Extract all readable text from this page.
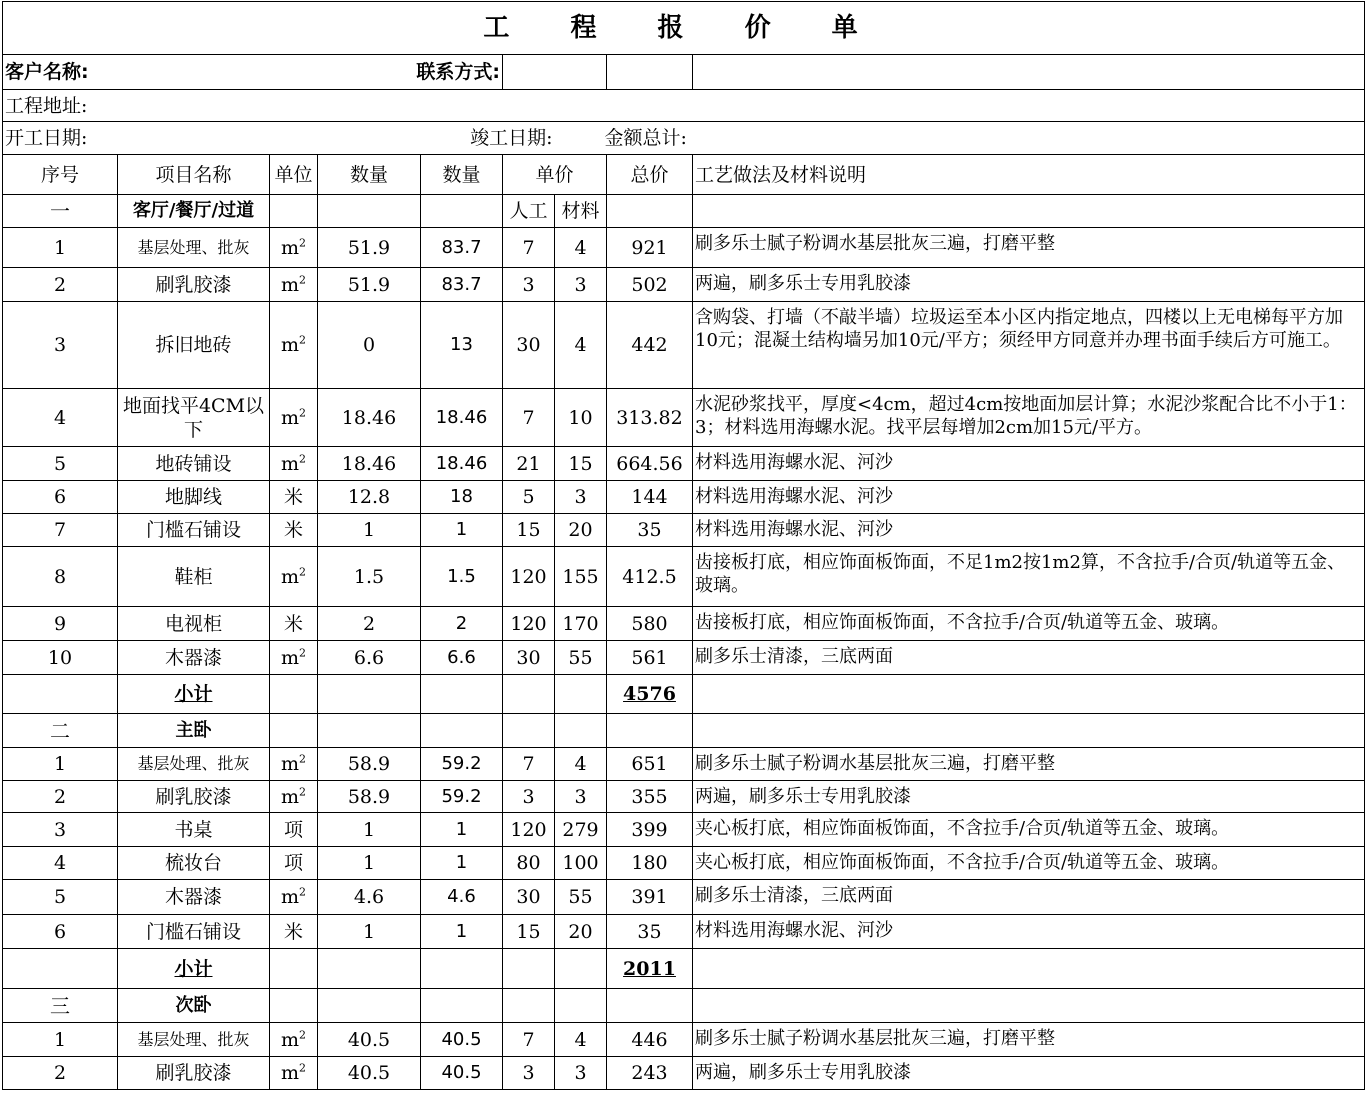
工 程 报 价 单								
客户名称:			联系方式:					
工程地址:								
开工日期:			竣工日期:			金额总计:		
序号	项目名称	单位	数量	数量	单价		总价	工艺做法及材料说明
一	客厅/餐厅/过道				人工	材料		
1	基层处理、批灰	$m^2$	51.9	83.7	7	4	921	刷多乐士腻子粉调水基层批灰三遍，打磨平整
2	刷乳胶漆	$m^2$	51.9	83.7	3	3	502	两遍，刷多乐士专用乳胶漆
3	拆旧地砖	$m^2$	0	13	30	4	442	含购袋、打墙（不敲半墙）垃圾运至本小区内指定地点，四楼以上无电梯每平方加10元；混凝土结构墙另加10元/平方；须经甲方同意并办理书面手续后方可施工。
4	地面找平4CM以下	$m^2$	18.46	18.46	7	10	313.82	水泥砂浆找平，厚度<4cm，超过4cm按地面加层计算；水泥沙浆配合比不小于1：3；材料选用海螺水泥。找平层每增加2cm加15元/平方。
5	地砖铺设	$m^2$	18.46	18.46	21	15	664.56	材料选用海螺水泥、河沙
6	地脚线	米	12.8	18	5	3	144	材料选用海螺水泥、河沙
7	门槛石铺设	米	1	1	15	20	35	材料选用海螺水泥、河沙
8	鞋柜	$m^2$	1.5	1.5	120	155	412.5	齿接板打底，相应饰面板饰面，不足1m2按1m2算，不含拉手/合页/轨道等五金、玻璃。
9	电视柜	米	2	2	120	170	580	齿接板打底，相应饰面板饰面，不含拉手/合页/轨道等五金、玻璃。
10	木器漆	$m^2$	6.6	6.6	30	55	561	刷多乐士清漆，三底两面
	小计						4576	
二	主卧							
1	基层处理、批灰	$m^2$	58.9	59.2	7	4	651	刷多乐士腻子粉调水基层批灰三遍，打磨平整
2	刷乳胶漆	$m^2$	58.9	59.2	3	3	355	两遍，刷多乐士专用乳胶漆
3	书桌	项	1	1	120	279	399	夹心板打底，相应饰面板饰面，不含拉手/合页/轨道等五金、玻璃。
4	梳妆台	项	1	1	80	100	180	夹心板打底，相应饰面板饰面，不含拉手/合页/轨道等五金、玻璃。
5	木器漆	$m^2$	4.6	4.6	30	55	391	刷多乐士清漆，三底两面
6	门槛石铺设	米	1	1	15	20	35	材料选用海螺水泥、河沙
	小计						2011	
三	次卧							
1	基层处理、批灰	$m^2$	40.5	40.5	7	4	446	刷多乐士腻子粉调水基层批灰三遍，打磨平整
2	刷乳胶漆	$m^2$	40.5	40.5	3	3	243	两遍，刷多乐士专用乳胶漆
